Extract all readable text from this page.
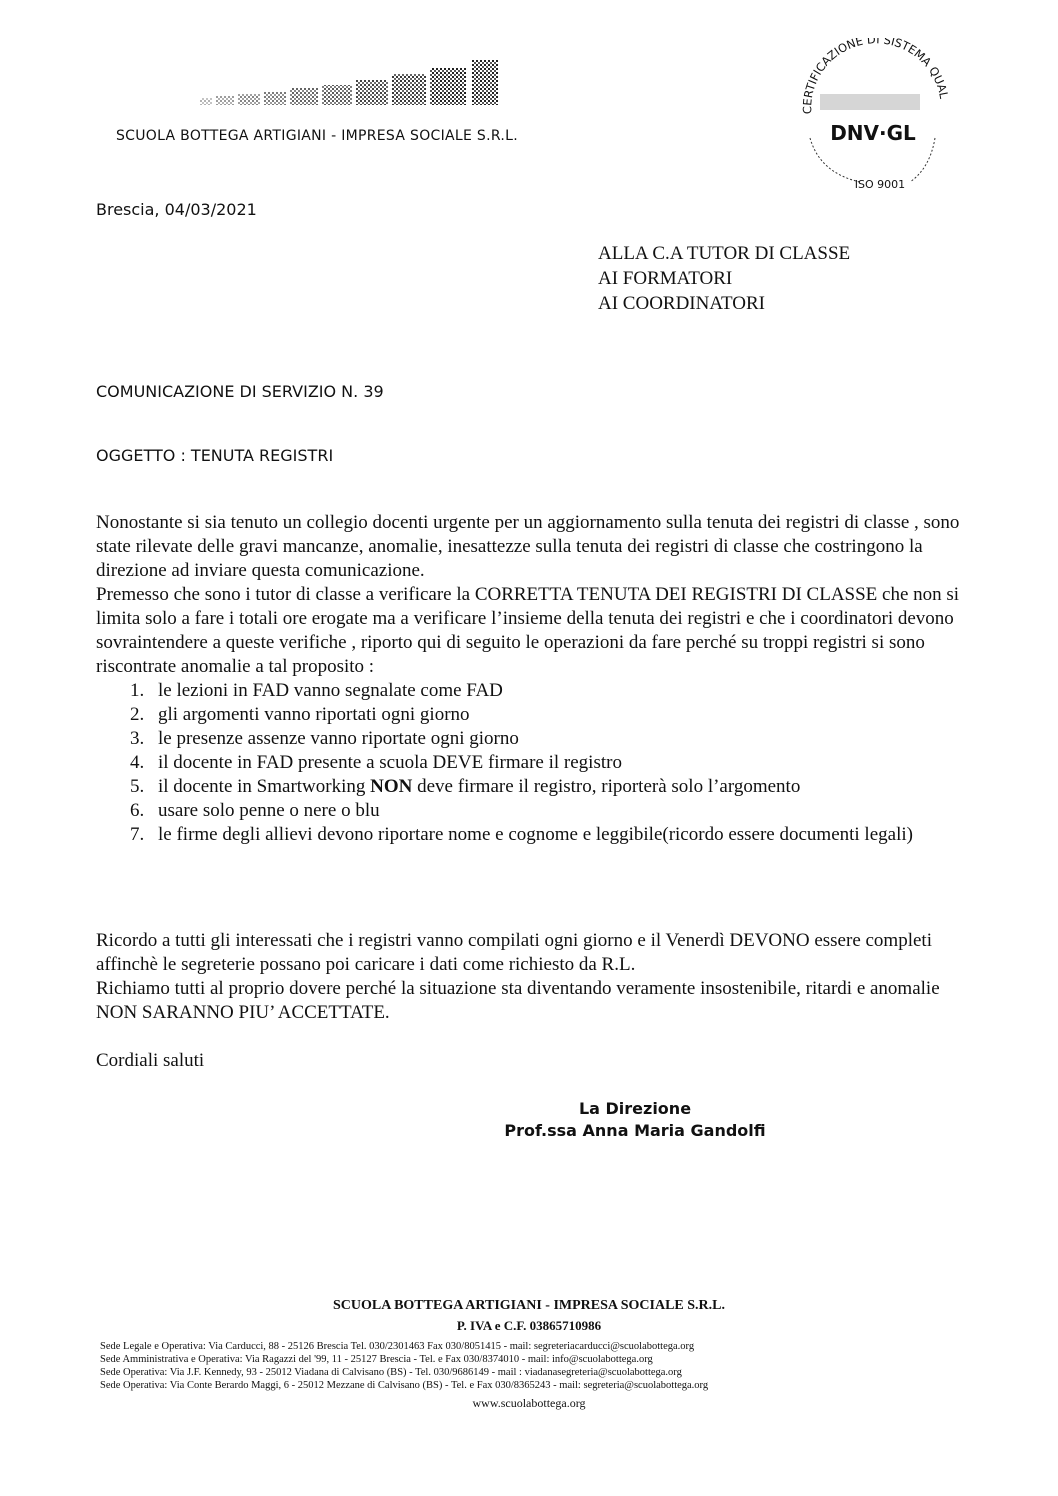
SCUOLA BOTTEGA ARTIGIANI - IMPRESA SOCIALE S.R.L.
CERTIFICAZIONE DI SISTEMA QUAL
DNV·GL
ISO 9001
Brescia, 04/03/2021
ALLA C.A TUTOR DI CLASSE
AI FORMATORI
AI COORDINATORI
COMUNICAZIONE DI SERVIZIO N. 39
OGGETTO : TENUTA REGISTRI

Nonostante si sia tenuto un collegio docenti urgente per un aggiornamento sulla tenuta dei registri di classe , sono state rilevate delle gravi mancanze, anomalie, inesattezze sulla tenuta dei registri di classe che costringono la direzione ad inviare questa comunicazione.

Premesso che sono i tutor di classe a verificare la CORRETTA TENUTA DEI REGISTRI DI CLASSE che non si limita solo a fare i totali ore erogate ma a verificare l’insieme della tenuta dei registri e che i coordinatori devono sovraintendere a queste verifiche , riporto qui di seguito le operazioni da fare perché su troppi registri si sono riscontrate anomalie a tal proposito :

1. le lezioni in FAD vanno segnalate come FAD
2. gli argomenti vanno riportati ogni giorno
3. le presenze assenze vanno riportate ogni giorno
4. il docente in FAD presente a scuola DEVE firmare il registro
5. il docente in Smartworking NON deve firmare il registro, riporterà solo l’argomento
6. usare solo penne o nere o blu
7. le firme degli allievi devono riportare nome e cognome e leggibile(ricordo essere documenti legali)

Ricordo a tutti gli interessati che i registri vanno compilati ogni giorno e il Venerdì DEVONO essere completi affinchè le segreterie possano poi caricare i dati come richiesto da R.L.

Richiamo tutti al proprio dovere perché la situazione sta diventando veramente insostenibile, ritardi e anomalie NON SARANNO PIU’ ACCETTATE.

Cordiali saluti
La Direzione
Prof.ssa Anna Maria Gandolfi
SCUOLA BOTTEGA ARTIGIANI - IMPRESA SOCIALE S.R.L.
P. IVA e C.F. 03865710986
Sede Legale e Operativa: Via Carducci, 88 - 25126 Brescia Tel. 030/2301463 Fax 030/8051415 - mail: segreteriacarducci@scuolabottega.org
Sede Amministrativa e Operativa: Via Ragazzi del '99, 11 - 25127 Brescia - Tel. e Fax 030/8374010 - mail: info@scuolabottega.org
Sede Operativa: Via J.F. Kennedy, 93 - 25012 Viadana di Calvisano (BS) - Tel. 030/9686149 - mail : viadanasegreteria@scuolabottega.org
Sede Operativa: Via Conte Berardo Maggi, 6 - 25012 Mezzane di Calvisano (BS) - Tel. e Fax 030/8365243 - mail: segreteria@scuolabottega.org
www.scuolabottega.org
